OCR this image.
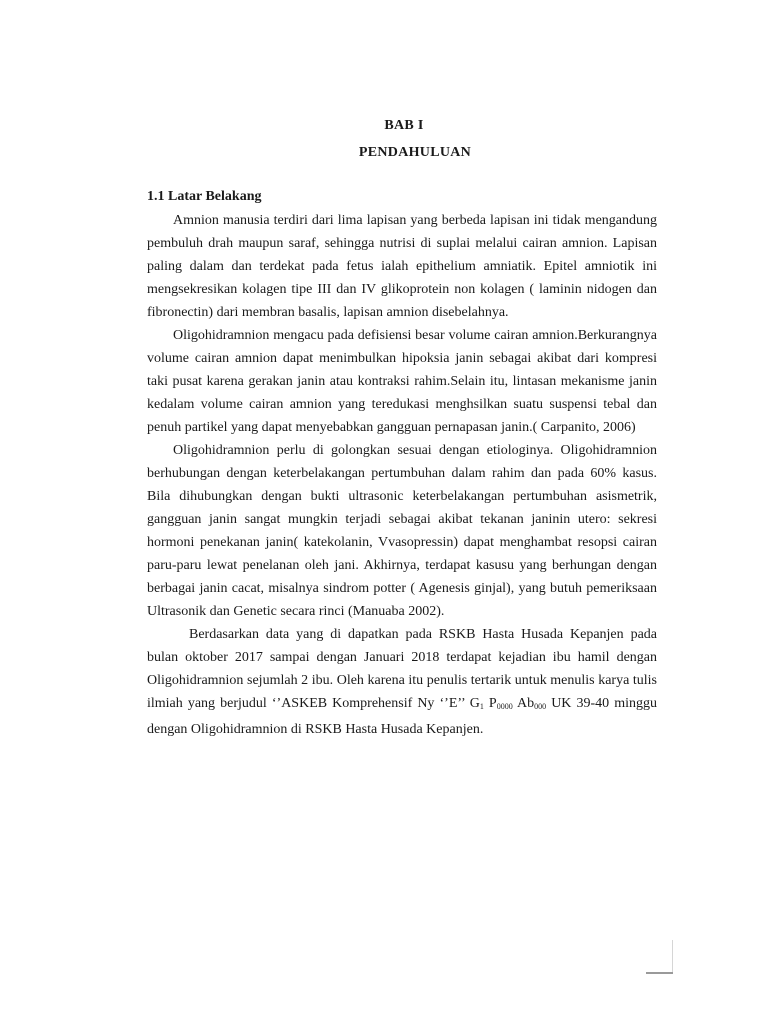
BAB I
PENDAHULUAN
1.1 Latar Belakang

Amnion manusia terdiri dari lima lapisan yang berbeda lapisan ini tidak mengandung pembuluh drah maupun saraf, sehingga nutrisi di suplai melalui cairan amnion. Lapisan paling dalam dan terdekat pada fetus ialah epithelium amniatik. Epitel amniotik ini mengsekresikan kolagen tipe III dan IV glikoprotein non kolagen ( laminin nidogen dan fibronectin) dari membran basalis, lapisan amnion disebelahnya.

Oligohidramnion mengacu pada defisiensi besar volume cairan amnion.Berkurangnya volume cairan amnion dapat menimbulkan hipoksia janin sebagai akibat dari kompresi taki pusat karena gerakan janin atau kontraksi rahim.Selain itu, lintasan mekanisme janin kedalam volume cairan amnion yang teredukasi menghsilkan suatu suspensi tebal dan penuh partikel yang dapat menyebabkan gangguan pernapasan janin.( Carpanito, 2006)

Oligohidramnion perlu di golongkan sesuai dengan etiologinya. Oligohidramnion berhubungan dengan keterbelakangan pertumbuhan dalam rahim dan pada 60% kasus. Bila dihubungkan dengan bukti ultrasonic keterbelakangan pertumbuhan asismetrik, gangguan janin sangat mungkin terjadi sebagai akibat tekanan janinin utero: sekresi hormoni penekanan janin( katekolanin, Vvasopressin) dapat menghambat resopsi cairan paru-paru lewat penelanan oleh jani. Akhirnya, terdapat kasusu yang berhungan dengan berbagai janin cacat, misalnya sindrom potter ( Agenesis ginjal), yang butuh pemeriksaan Ultrasonik dan Genetic secara rinci (Manuaba 2002).

Berdasarkan data yang di dapatkan pada RSKB Hasta Husada Kepanjen pada bulan oktober 2017 sampai dengan Januari 2018 terdapat kejadian ibu hamil dengan Oligohidramnion sejumlah 2 ibu. Oleh karena itu penulis tertarik untuk menulis karya tulis ilmiah yang berjudul ‘’ASKEB Komprehensif Ny ‘’E’’ $G_1$ $P_{0000}$ $Ab_{000}$ UK 39-40 minggu dengan Oligohidramnion di RSKB Hasta Husada Kepanjen.
